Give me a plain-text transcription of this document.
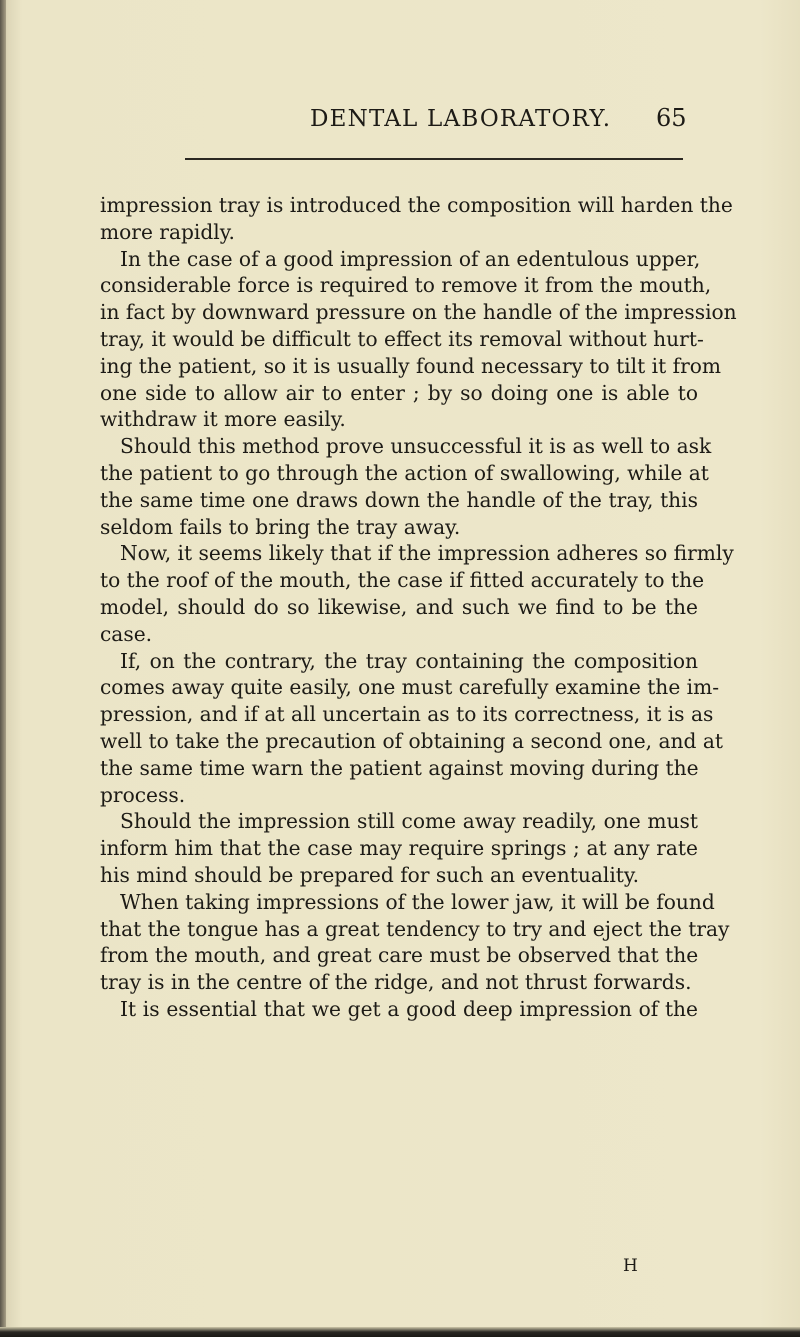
DENTAL LABORATORY. 65
impression tray is introduced the composition will harden the
more rapidly.
In the case of a good impression of an edentulous upper,
considerable force is required to remove it from the mouth,
in fact by downward pressure on the handle of the impression
tray, it would be difficult to effect its removal without hurt-
ing the patient, so it is usually found necessary to tilt it from
one side to allow air to enter ; by so doing one is able to
withdraw it more easily.
Should this method prove unsuccessful it is as well to ask
the patient to go through the action of swallowing, while at
the same time one draws down the handle of the tray, this
seldom fails to bring the tray away.
Now, it seems likely that if the impression adheres so firmly
to the roof of the mouth, the case if fitted accurately to the
model, should do so likewise, and such we find to be the
case.
If, on the contrary, the tray containing the composition
comes away quite easily, one must carefully examine the im-
pression, and if at all uncertain as to its correctness, it is as
well to take the precaution of obtaining a second one, and at
the same time warn the patient against moving during the
process.
Should the impression still come away readily, one must
inform him that the case may require springs ; at any rate
his mind should be prepared for such an eventuality.
When taking impressions of the lower jaw, it will be found
that the tongue has a great tendency to try and eject the tray
from the mouth, and great care must be observed that the
tray is in the centre of the ridge, and not thrust forwards.
It is essential that we get a good deep impression of the
H
